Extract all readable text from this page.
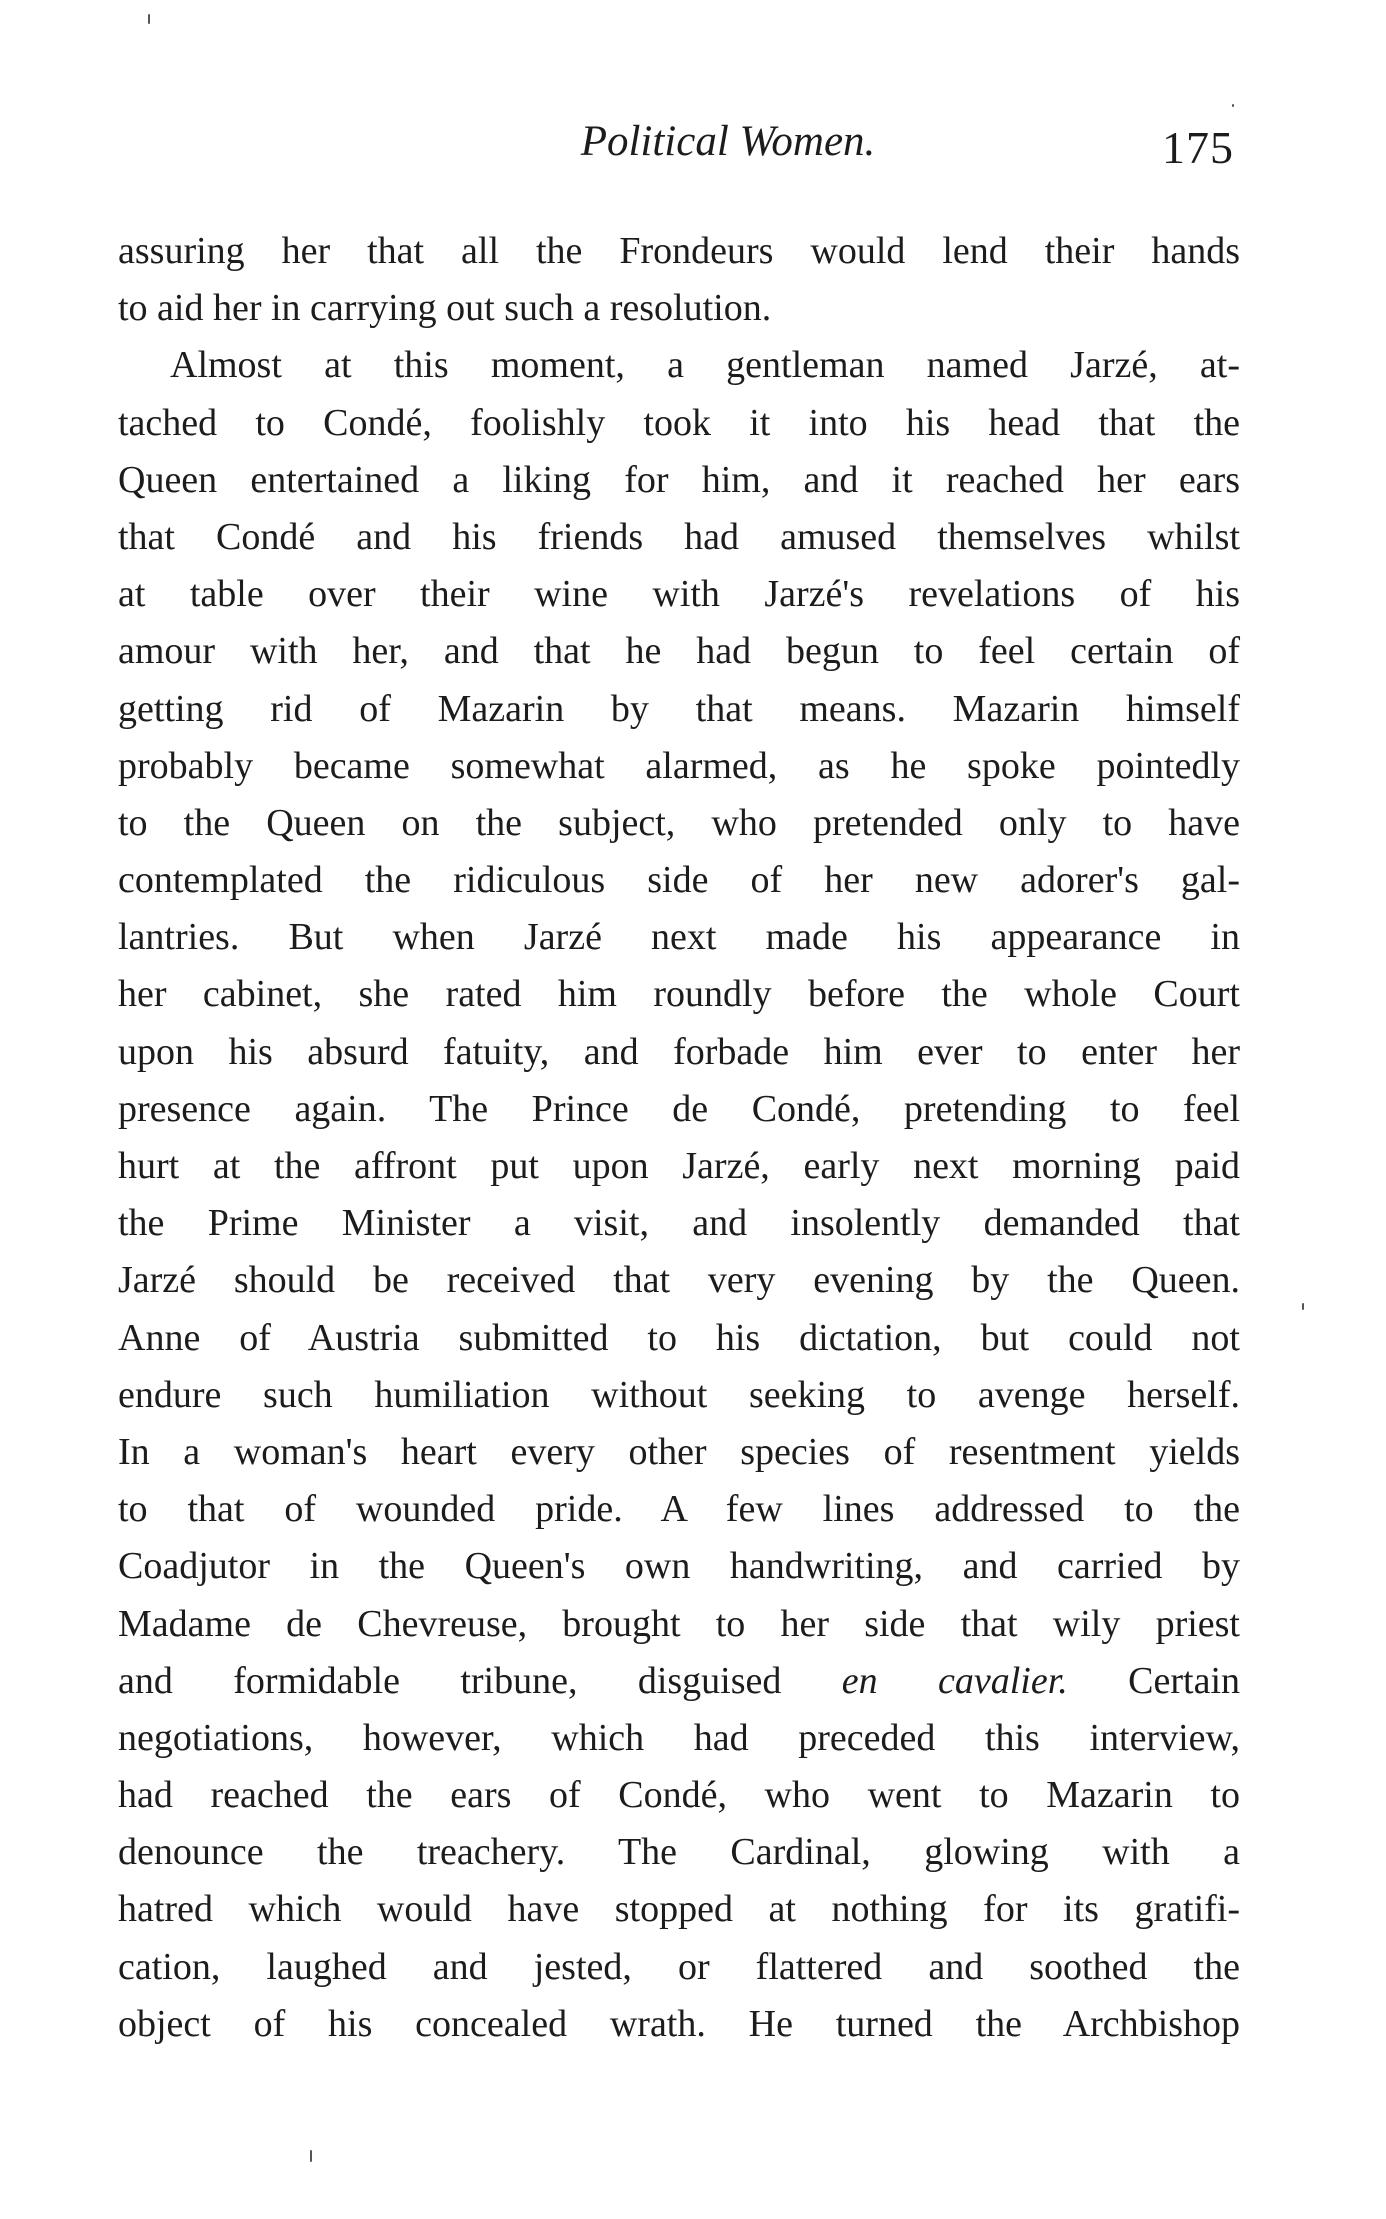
Political Women.	175
assuring her that all the Frondeurs would lend their hands
to aid her in carrying out such a resolution.
Almost at this moment, a gentleman named Jarzé, at-
tached to Condé, foolishly took it into his head that the
Queen entertained a liking for him, and it reached her ears
that Condé and his friends had amused themselves whilst
at table over their wine with Jarzé's revelations of his
amour with her, and that he had begun to feel certain of
getting rid of Mazarin by that means. Mazarin himself
probably became somewhat alarmed, as he spoke pointedly
to the Queen on the subject, who pretended only to have
contemplated the ridiculous side of her new adorer's gal-
lantries. But when Jarzé next made his appearance in
her cabinet, she rated him roundly before the whole Court
upon his absurd fatuity, and forbade him ever to enter her
presence again. The Prince de Condé, pretending to feel
hurt at the affront put upon Jarzé, early next morning paid
the Prime Minister a visit, and insolently demanded that
Jarzé should be received that very evening by the Queen.
Anne of Austria submitted to his dictation, but could not
endure such humiliation without seeking to avenge herself.
In a woman's heart every other species of resentment yields
to that of wounded pride. A few lines addressed to the
Coadjutor in the Queen's own handwriting, and carried by
Madame de Chevreuse, brought to her side that wily priest
and formidable tribune, disguised en cavalier. Certain
negotiations, however, which had preceded this interview,
had reached the ears of Condé, who went to Mazarin to
denounce the treachery. The Cardinal, glowing with a
hatred which would have stopped at nothing for its gratifi-
cation, laughed and jested, or flattered and soothed the
object of his concealed wrath. He turned the Archbishop
